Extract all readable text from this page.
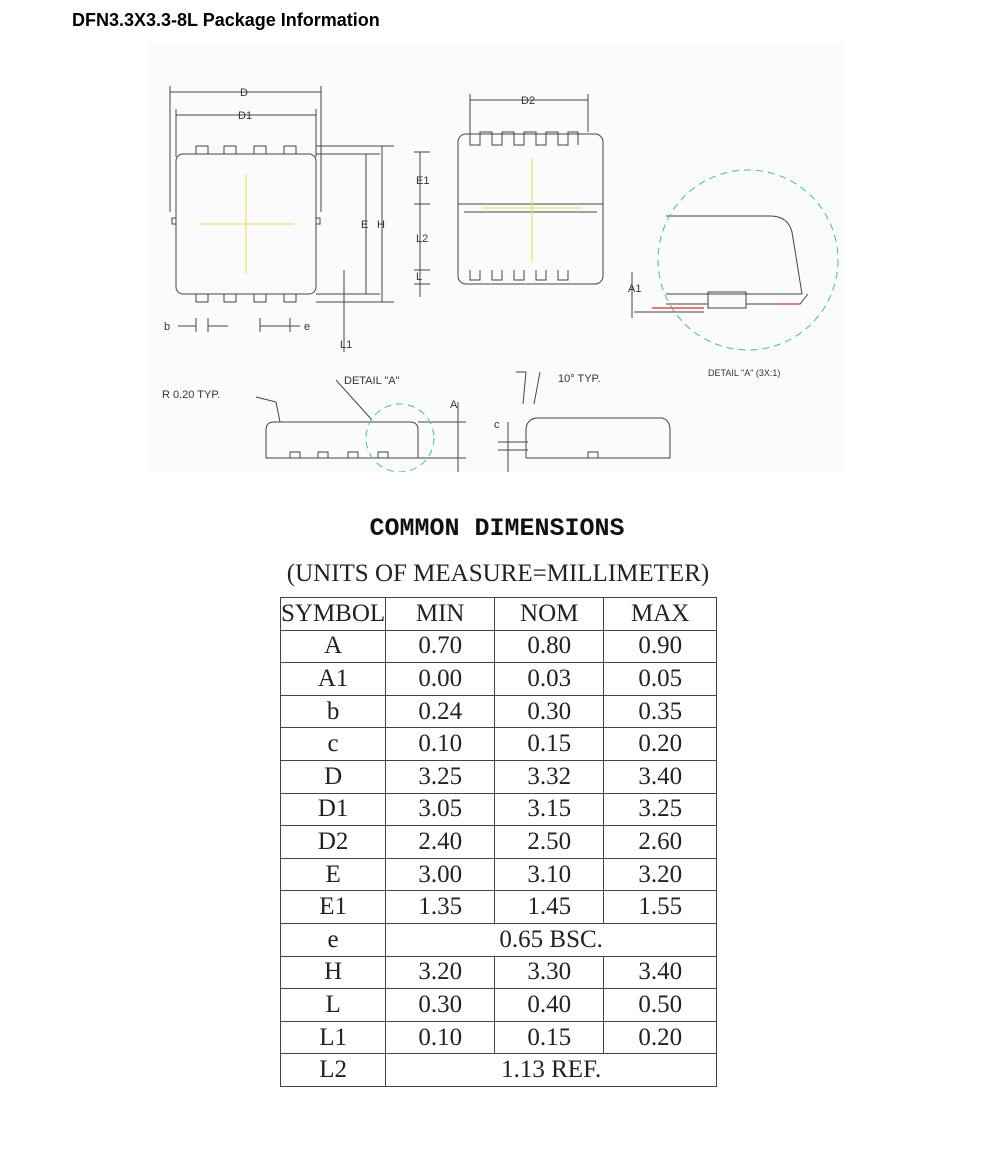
DFN3.3X3.3-8L Package Information
D
D1
D2
E H
E1
L2
L
L1
b	e
A
A1
c
R 0.20 TYP.
DETAIL "A"	10° TYP.	DETAIL "A" (3X:1)
COMMON DIMENSIONS
(UNITS OF MEASURE=MILLIMETER)
SYMBOL	MIN	NOM	MAX
A	0.70	0.80	0.90
A1	0.00	0.03	0.05
b	0.24	0.30	0.35
c	0.10	0.15	0.20
D	3.25	3.32	3.40
D1	3.05	3.15	3.25
D2	2.40	2.50	2.60
E	3.00	3.10	3.20
E1	1.35	1.45	1.55
e	0.65 BSC.		
H	3.20	3.30	3.40
L	0.30	0.40	0.50
L1	0.10	0.15	0.20
L2	1.13 REF.		
